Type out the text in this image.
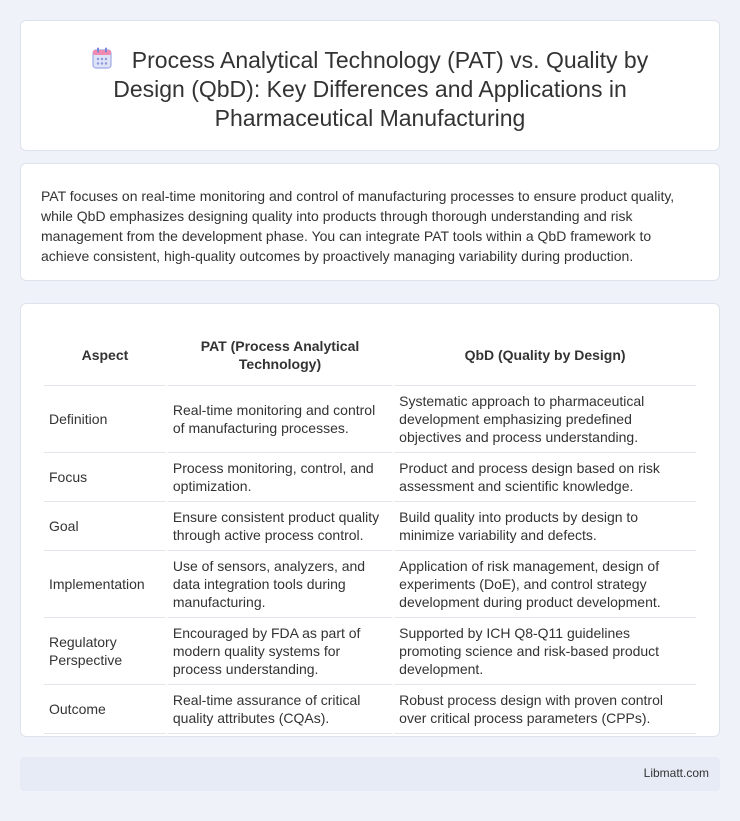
Process Analytical Technology (PAT) vs. Quality by Design (QbD): Key Differences and Applications in Pharmaceutical Manufacturing

PAT focuses on real-time monitoring and control of manufacturing processes to ensure product quality, while QbD emphasizes designing quality into products through thorough understanding and risk management from the development phase. You can integrate PAT tools within a QbD framework to achieve consistent, high-quality outcomes by proactively managing variability during production.

Aspect	PAT (Process Analytical Technology)	QbD (Quality by Design)
Definition	Real-time monitoring and control of manufacturing processes.	Systematic approach to pharmaceutical development emphasizing predefined objectives and process understanding.
Focus	Process monitoring, control, and optimization.	Product and process design based on risk assessment and scientific knowledge.
Goal	Ensure consistent product quality through active process control.	Build quality into products by design to minimize variability and defects.
Implementation	Use of sensors, analyzers, and data integration tools during manufacturing.	Application of risk management, design of experiments (DoE), and control strategy development during product development.
Regulatory Perspective	Encouraged by FDA as part of modern quality systems for process understanding.	Supported by ICH Q8-Q11 guidelines promoting science and risk-based product development.
Outcome	Real-time assurance of critical quality attributes (CQAs).	Robust process design with proven control over critical process parameters (CPPs).
Libmatt.com
